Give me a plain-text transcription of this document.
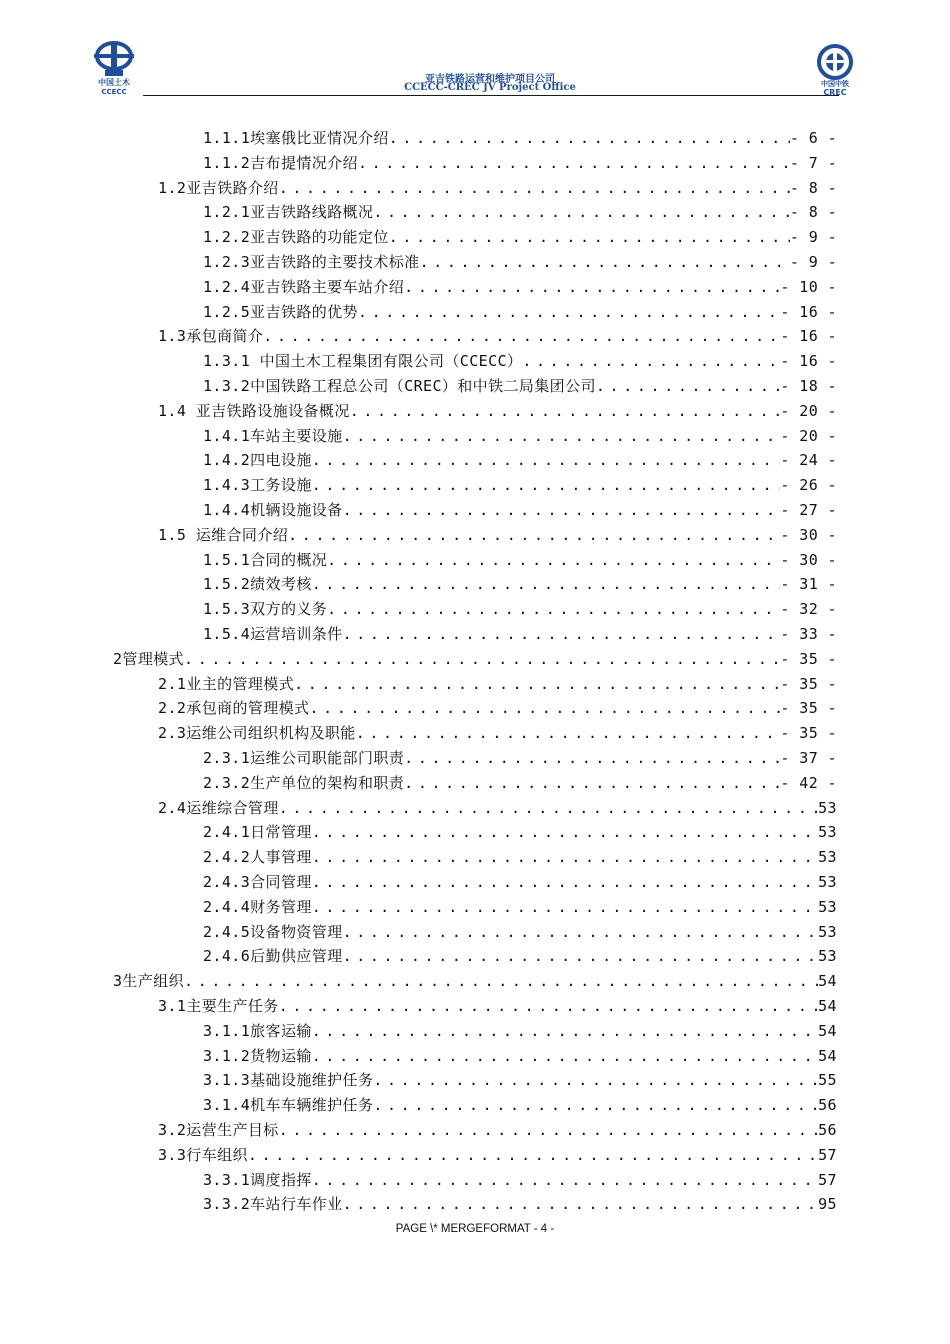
中国土木
CCECC
中国中铁
CREC
亚吉铁路运营和维护项目公司
CCECC-CREC JV Project Office
1.1.1埃塞俄比亚情况介绍 . . .	- 6 -
1.1.2吉布提情况介绍 . . .	- 7 -
1.2亚吉铁路介绍 . . .	- 8 -
1.2.1亚吉铁路线路概况 . . .	- 8 -
1.2.2亚吉铁路的功能定位 . . .	- 9 -
1.2.3亚吉铁路的主要技术标准 . . .	- 9 -
1.2.4亚吉铁路主要车站介绍 . . .	- 10 -
1.2.5亚吉铁路的优势 . . .	- 16 -
1.3承包商简介 . . .	- 16 -
1.3.1 中国土木工程集团有限公司（CCECC） . . .	- 16 -
1.3.2中国铁路工程总公司（CREC）和中铁二局集团公司 . . .	- 18 -
1.4 亚吉铁路设施设备概况 . . .	- 20 -
1.4.1车站主要设施 . . .	- 20 -
1.4.2四电设施 . . .	- 24 -
1.4.3工务设施 . . .	- 26 -
1.4.4机辆设施设备 . . .	- 27 -
1.5 运维合同介绍 . . .	- 30 -
1.5.1合同的概况 . . .	- 30 -
1.5.2绩效考核 . . .	- 31 -
1.5.3双方的义务 . . .	- 32 -
1.5.4运营培训条件 . . .	- 33 -
2管理模式 . . .	- 35 -
2.1业主的管理模式 . . .	- 35 -
2.2承包商的管理模式 . . .	- 35 -
2.3运维公司组织机构及职能 . . .	- 35 -
2.3.1运维公司职能部门职责 . . .	- 37 -
2.3.2生产单位的架构和职责 . . .	- 42 -
2.4运维综合管理 . . .	53
2.4.1日常管理 . . .	53
2.4.2人事管理 . . .	53
2.4.3合同管理 . . .	53
2.4.4财务管理 . . .	53
2.4.5设备物资管理 . . .	53
2.4.6后勤供应管理 . . .	53
3生产组织 . . .	54
3.1主要生产任务 . . .	54
3.1.1旅客运输 . . .	54
3.1.2货物运输 . . .	54
3.1.3基础设施维护任务 . . .	55
3.1.4机车车辆维护任务 . . .	56
3.2运营生产目标 . . .	56
3.3行车组织 . . .	57
3.3.1调度指挥 . . .	57
3.3.2车站行车作业 . . .	95
PAGE \* MERGEFORMAT - 4 -
